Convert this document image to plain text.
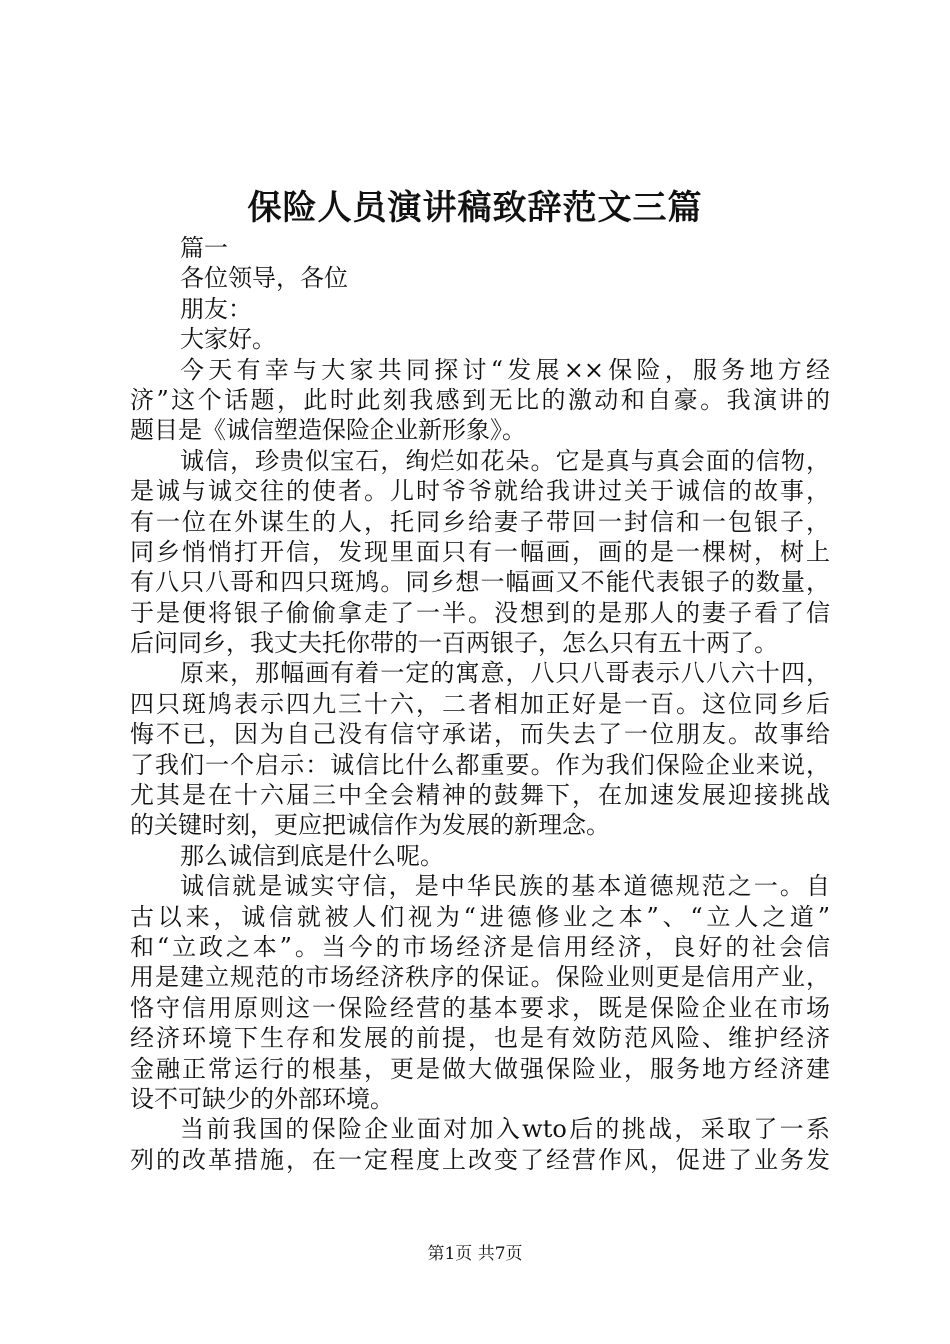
保险人员演讲稿致辞范文三篇
篇一
各位领导，各位
朋友：
大家好。
今天有幸与大家共同探讨“发展××保险，服务地方经
济”这个话题，此时此刻我感到无比的激动和自豪。我演讲的
题目是《诚信塑造保险企业新形象》。
诚信，珍贵似宝石，绚烂如花朵。它是真与真会面的信物，
是诚与诚交往的使者。儿时爷爷就给我讲过关于诚信的故事，
有一位在外谋生的人，托同乡给妻子带回一封信和一包银子，
同乡悄悄打开信，发现里面只有一幅画，画的是一棵树，树上
有八只八哥和四只斑鸠。同乡想一幅画又不能代表银子的数量，
于是便将银子偷偷拿走了一半。没想到的是那人的妻子看了信
后问同乡，我丈夫托你带的一百两银子，怎么只有五十两了。
原来，那幅画有着一定的寓意，八只八哥表示八八六十四，
四只斑鸠表示四九三十六，二者相加正好是一百。这位同乡后
悔不已，因为自己没有信守承诺，而失去了一位朋友。故事给
了我们一个启示：诚信比什么都重要。作为我们保险企业来说，
尤其是在十六届三中全会精神的鼓舞下，在加速发展迎接挑战
的关键时刻，更应把诚信作为发展的新理念。
那么诚信到底是什么呢。
诚信就是诚实守信，是中华民族的基本道德规范之一。自
古以来，诚信就被人们视为“进德修业之本”、“立人之道”
和“立政之本”。当今的市场经济是信用经济，良好的社会信
用是建立规范的市场经济秩序的保证。保险业则更是信用产业，
恪守信用原则这一保险经营的基本要求，既是保险企业在市场
经济环境下生存和发展的前提，也是有效防范风险、维护经济
金融正常运行的根基，更是做大做强保险业，服务地方经济建
设不可缺少的外部环境。
当前我国的保险企业面对加入wto后的挑战，采取了一系
列的改革措施，在一定程度上改变了经营作风，促进了业务发
第1页 共7页
